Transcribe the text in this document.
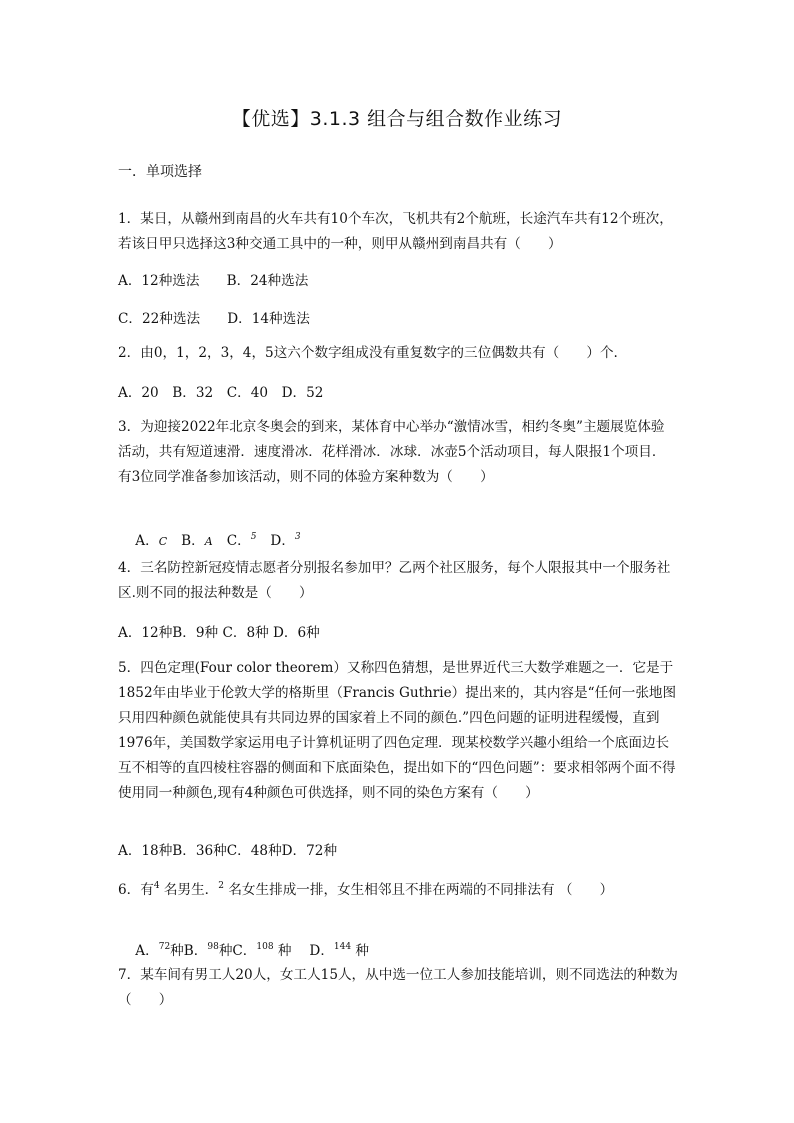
【优选】3.1.3 组合与组合数作业练习
一．单项选择
1．某日，从赣州到南昌的火车共有10个车次，飞机共有2个航班，长途汽车共有12个班次，若该日甲只选择这3种交通工具中的一种，则甲从赣州到南昌共有（　　）
A．12种选法　　B．24种选法
C．22种选法　　D．14种选法
2．由0，1，2，3，4，5这六个数字组成没有重复数字的三位偶数共有（　　）个.
A．20　B．32　C．40　D．52
3．为迎接2022年北京冬奥会的到来，某体育中心举办“激情冰雪，相约冬奥”主题展览体验活动，共有短道速滑．速度滑冰．花样滑冰．冰球．冰壶5个活动项目，每人限报1个项目．有3位同学准备参加该活动，则不同的体验方案种数为（　　）

A．C B．A C．$^5$ D．$^3$

4．三名防控新冠疫情志愿者分别报名参加甲？乙两个社区服务，每个人限报其中一个服务社区.则不同的报法种数是（　　）
A．12种B．9种 C．8种 D．6种
5．四色定理(Four color theorem）又称四色猜想，是世界近代三大数学难题之一．它是于1852年由毕业于伦敦大学的格斯里（Francis Guthrie）提出来的，其内容是“任何一张地图只用四种颜色就能使具有共同边界的国家着上不同的颜色.”四色问题的证明进程缓慢，直到1976年，美国数学家运用电子计算机证明了四色定理．现某校数学兴趣小组给一个底面边长互不相等的直四棱柱容器的侧面和下底面染色，提出如下的“四色问题”：要求相邻两个面不得使用同一种颜色,现有4种颜色可供选择，则不同的染色方案有（　　）
A．18种B．36种C．48种D．72种
6．有$^4$ 名男生．$^2$ 名女生排成一排，女生相邻且不排在两端的不同排法有 （　　）

A．$^{72}$种B．$^{98}$种C．$^{108}$ 种　 D．$^{144}$ 种

7．某车间有男工人20人，女工人15人，从中选一位工人参加技能培训，则不同选法的种数为（　　）
